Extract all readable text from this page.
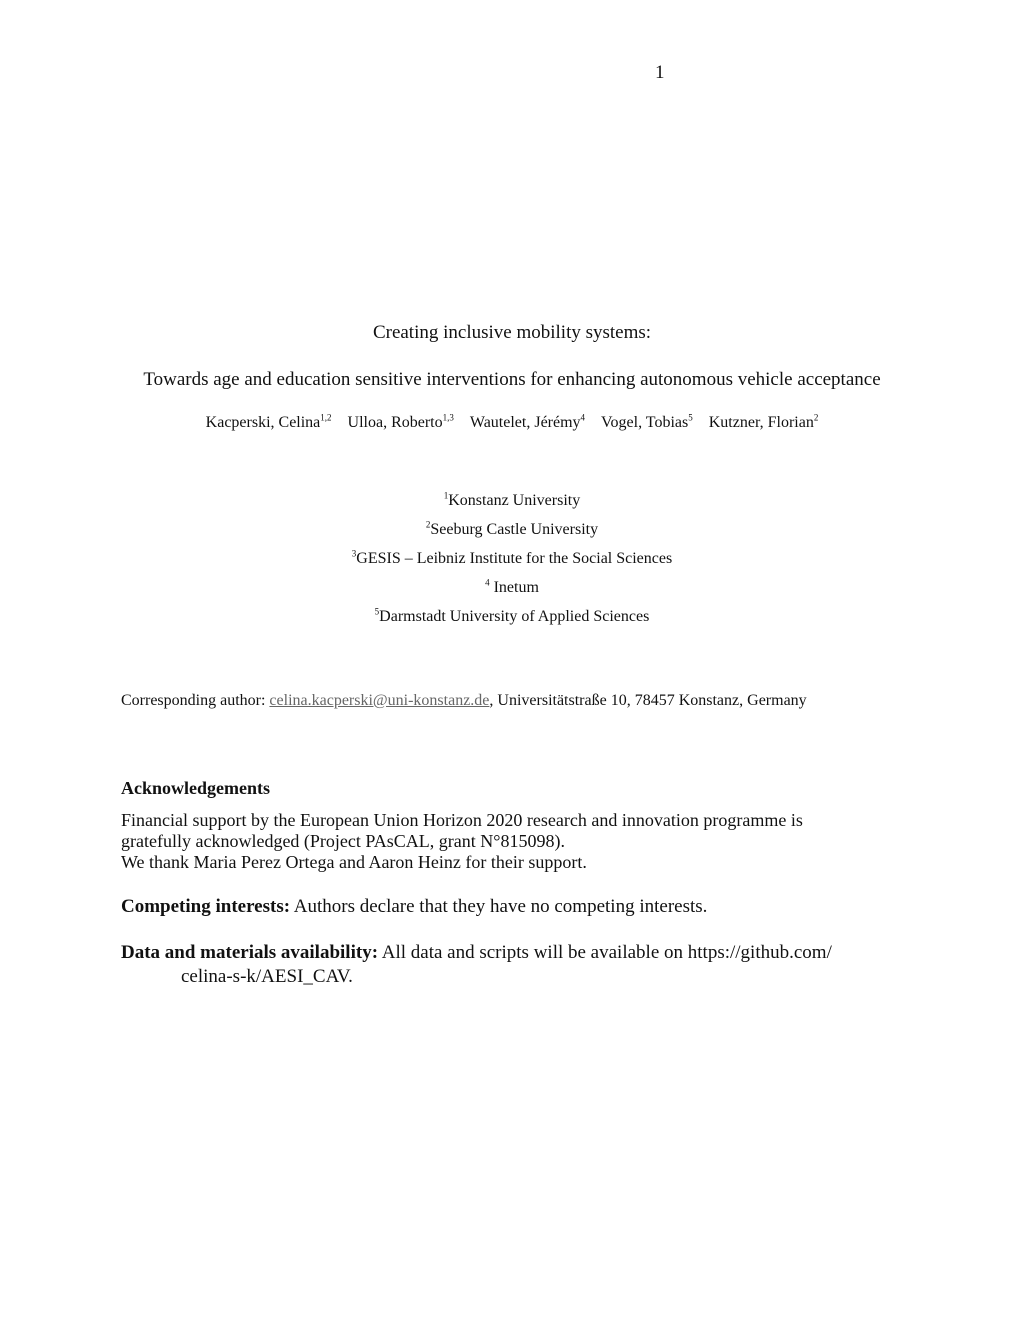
1
Creating inclusive mobility systems:
Towards age and education sensitive interventions for enhancing autonomous vehicle acceptance
Kacperski, Celina$^{1,2}$ Ulloa, Roberto$^{1,3}$ Wautelet, Jérémy$^4$ Vogel, Tobias$^5$ Kutzner, Florian$^2$
$^1$Konstanz University
$^2$Seeburg Castle University
$^3$GESIS – Leibniz Institute for the Social Sciences
$^4$ Inetum
$^5$Darmstadt University of Applied Sciences
Corresponding author: celina.kacperski@uni-konstanz.de, Universitätstraße 10, 78457 Konstanz, Germany
Acknowledgements
Financial support by the European Union Horizon 2020 research and innovation programme is
gratefully acknowledged (Project PAsCAL, grant N°815098).
We thank Maria Perez Ortega and Aaron Heinz for their support.
Competing interests: Authors declare that they have no competing interests.
Data and materials availability: All data and scripts will be available on https://github.com/
celina-s-k/AESI_CAV.
